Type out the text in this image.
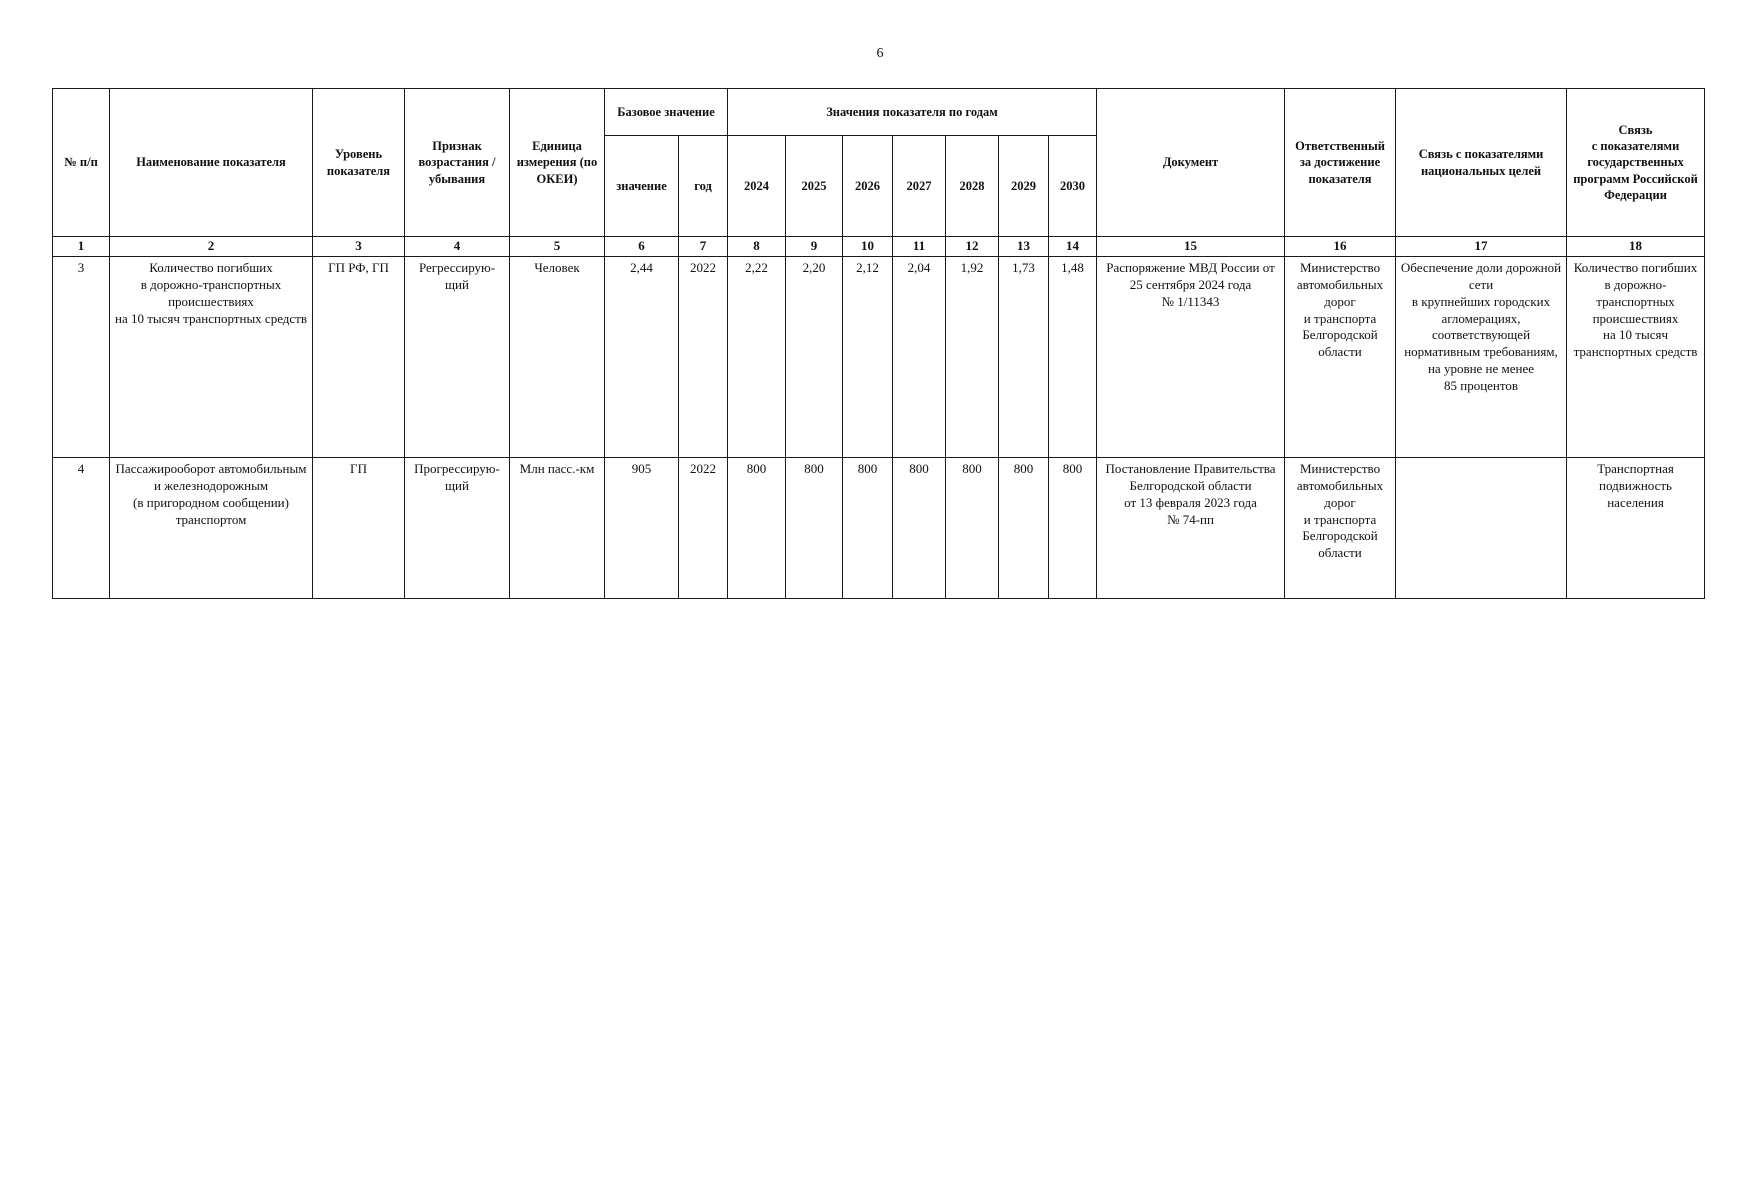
6
№ п/п	Наименование показателя	Уровень показателя	Признак возрастания / убывания	Единица измерения (по ОКЕИ)	Базовое значение		Значения показателя по годам							Документ	Ответственный за достижение показателя	Связь с показателями национальных целей	Связь
с показателями государственных программ Российской Федерации
					значение	год	2024	2025	2026	2027	2028	2029	2030				
1	2	3	4	5	6	7	8	9	10	11	12	13	14	15	16	17	18
3	Количество погибших
в дорожно-транспортных происшествиях
на 10 тысяч транспортных средств	ГП РФ, ГП	Регрессирую-
щий	Человек	2,44	2022	2,22	2,20	2,12	2,04	1,92	1,73	1,48	Распоряжение МВД России от 25 сентября 2024 года
№ 1/11343	Министерство автомобильных дорог
и транспорта Белгородской области	Обеспечение доли дорожной сети
в крупнейших городских агломерациях, соответствующей нормативным требованиям, на уровне не менее
85 процентов	Количество погибших
в дорожно-транспортных происшествиях
на 10 тысяч транспортных средств
4	Пассажирооборот автомобильным
и железнодорожным
(в пригородном сообщении) транспортом	ГП	Прогрессирую-
щий	Млн пасс.-км	905	2022	800	800	800	800	800	800	800	Постановление Правительства Белгородской области
от 13 февраля 2023 года
№ 74-пп	Министерство автомобильных дорог
и транспорта Белгородской области		Транспортная подвижность населения
